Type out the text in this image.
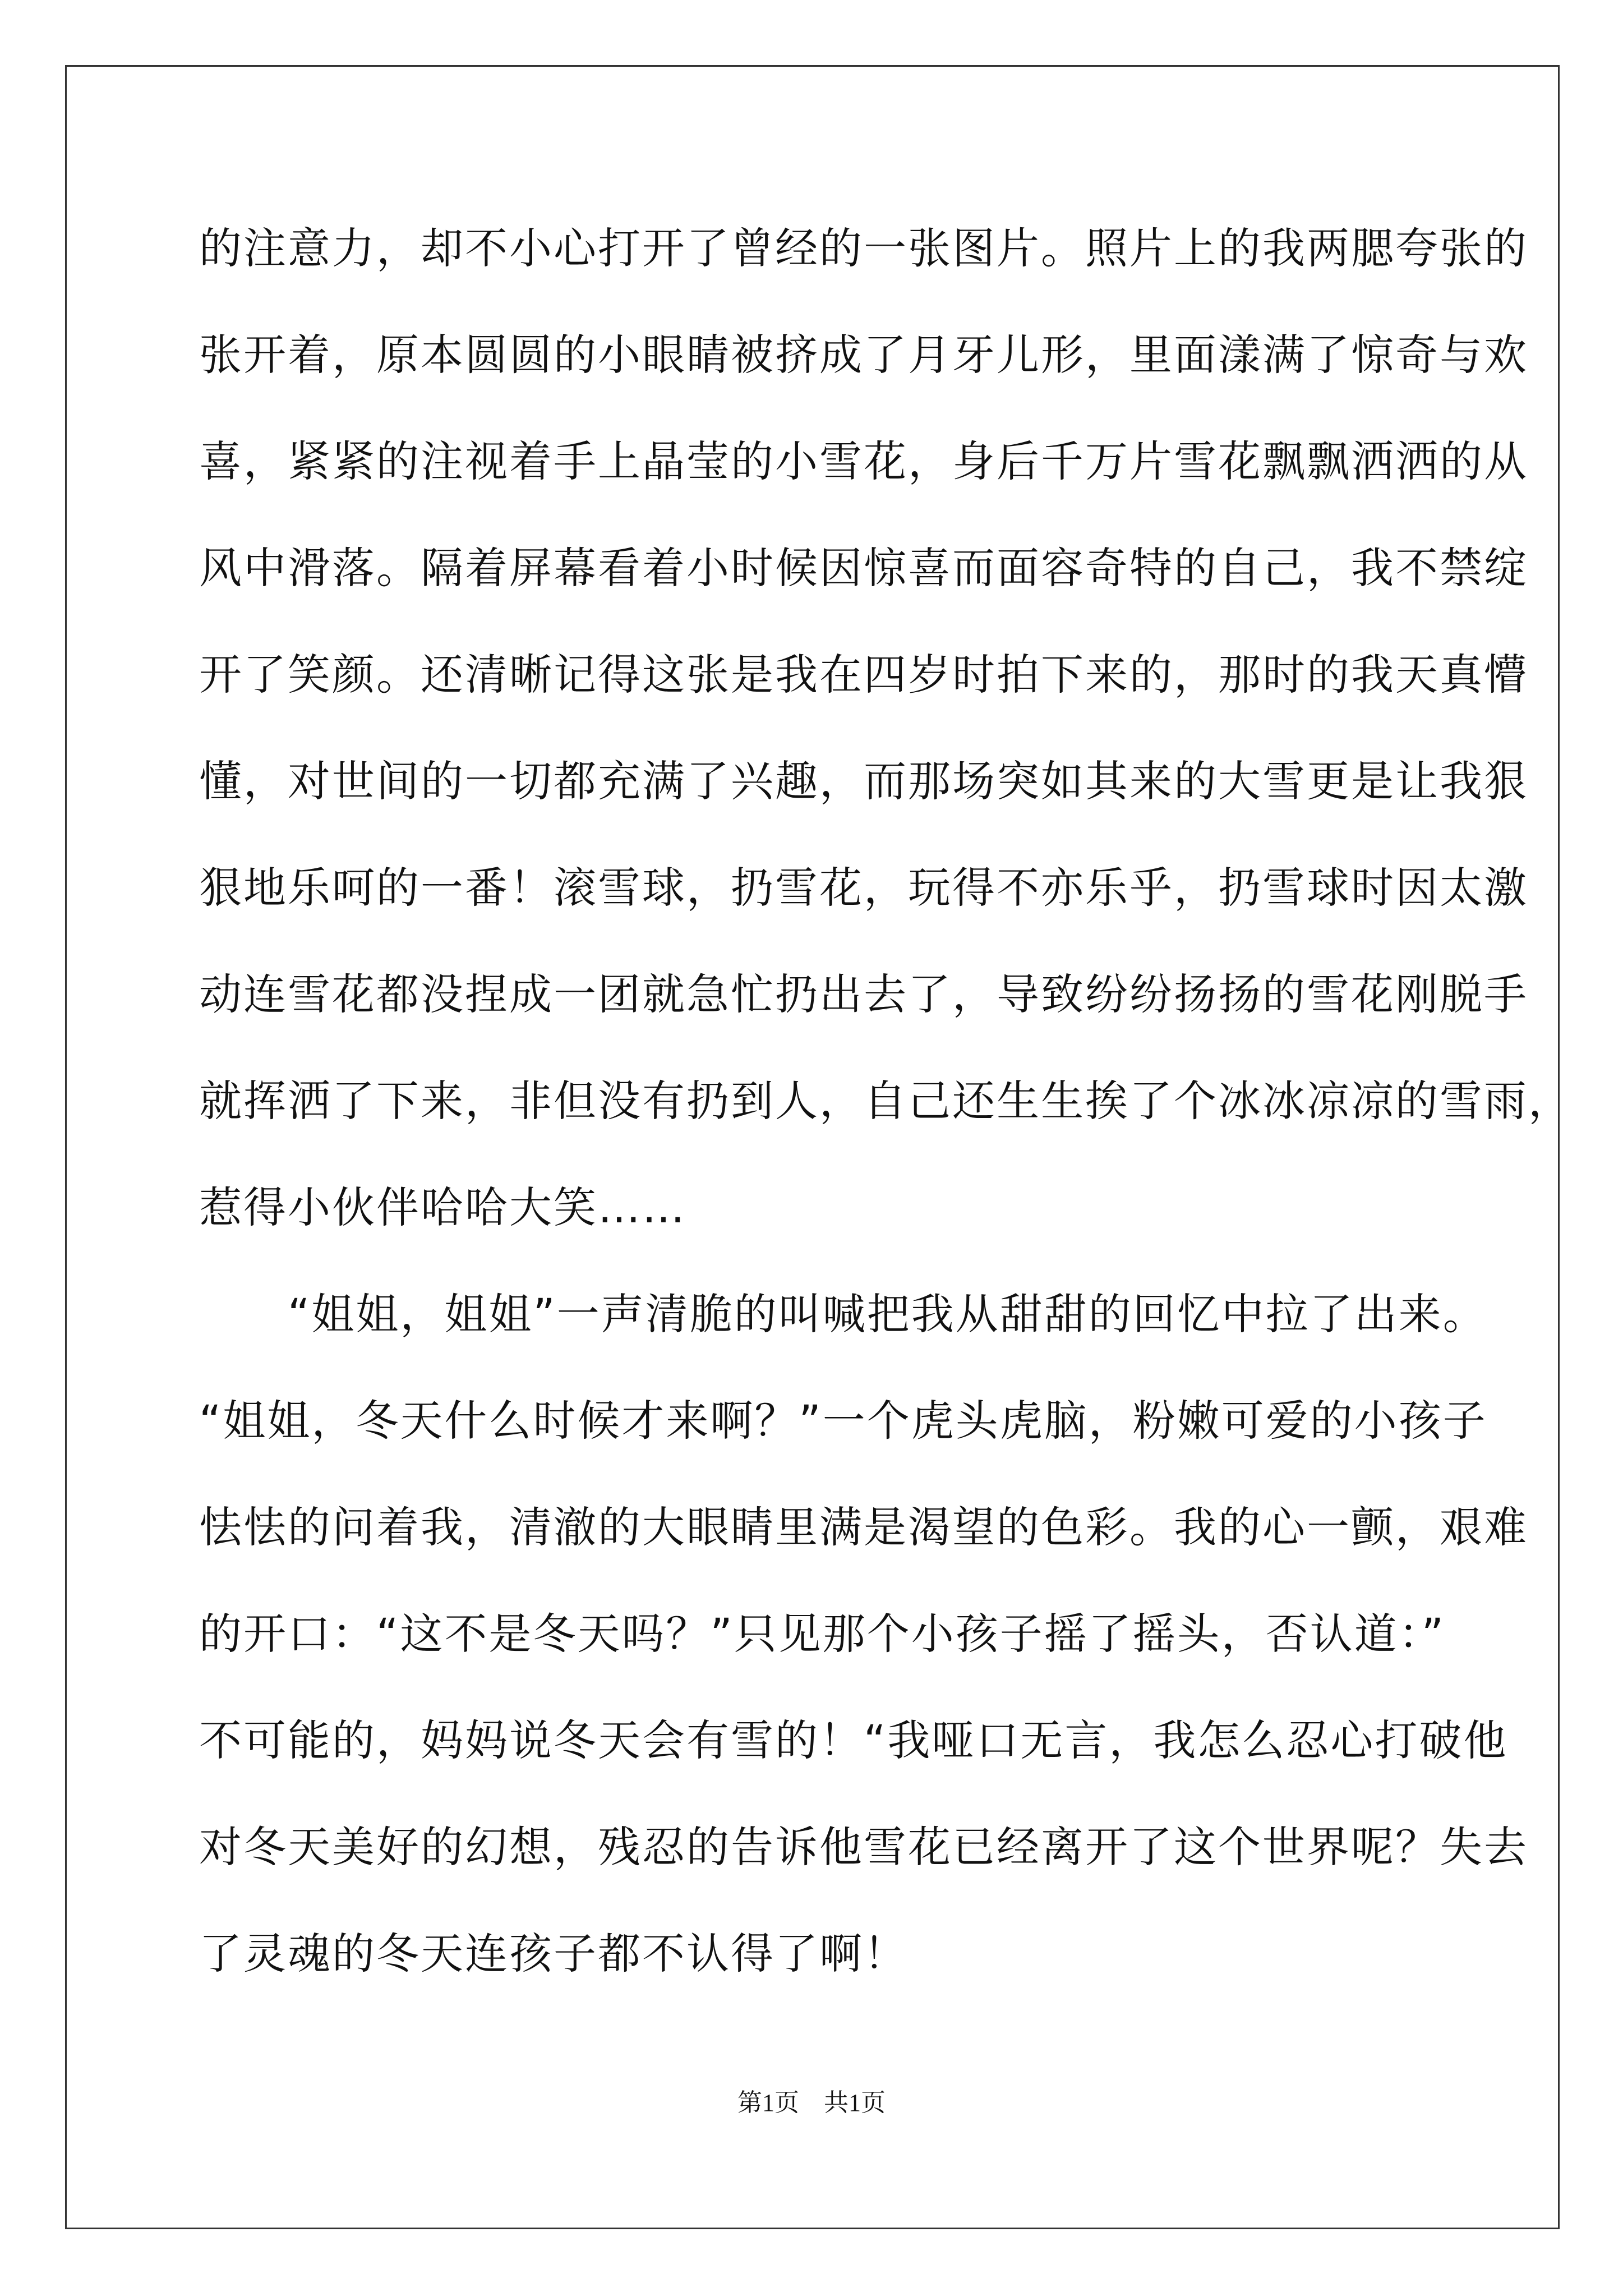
的注意力，却不小心打开了曾经的一张图片。照片上的我两腮夸张的
张开着，原本圆圆的小眼睛被挤成了月牙儿形，里面漾满了惊奇与欢
喜，紧紧的注视着手上晶莹的小雪花，身后千万片雪花飘飘洒洒的从
风中滑落。隔着屏幕看着小时候因惊喜而面容奇特的自己，我不禁绽
开了笑颜。还清晰记得这张是我在四岁时拍下来的，那时的我天真懵
懂，对世间的一切都充满了兴趣，而那场突如其来的大雪更是让我狠
狠地乐呵的一番！滚雪球，扔雪花，玩得不亦乐乎，扔雪球时因太激
动连雪花都没捏成一团就急忙扔出去了，导致纷纷扬扬的雪花刚脱手
就挥洒了下来，非但没有扔到人，自己还生生挨了个冰冰凉凉的雪雨，
惹得小伙伴哈哈大笑……
　　“姐姐，姐姐”一声清脆的叫喊把我从甜甜的回忆中拉了出来。
“姐姐，冬天什么时候才来啊？”一个虎头虎脑，粉嫩可爱的小孩子
怯怯的问着我，清澈的大眼睛里满是渴望的色彩。我的心一颤，艰难
的开口：“这不是冬天吗？”只见那个小孩子摇了摇头，否认道：”
不可能的，妈妈说冬天会有雪的！“我哑口无言，我怎么忍心打破他
对冬天美好的幻想，残忍的告诉他雪花已经离开了这个世界呢？失去
了灵魂的冬天连孩子都不认得了啊！
第1页　共1页
